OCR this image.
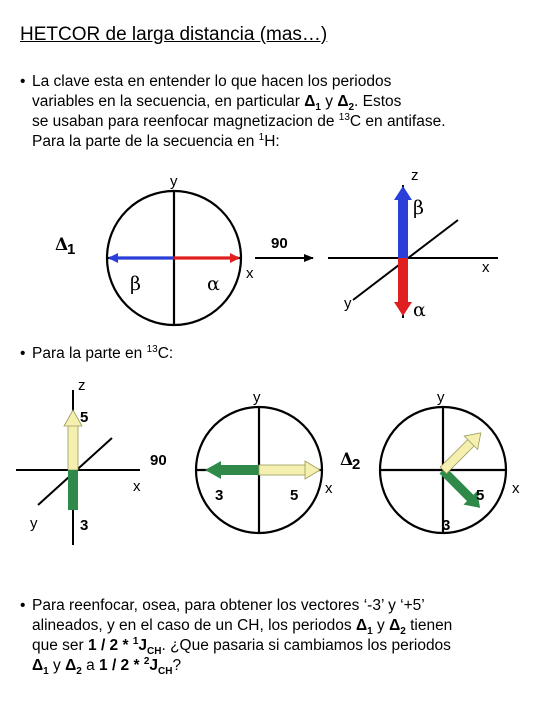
HETCOR de larga distancia (mas…)
• La clave esta en entender lo que hacen los periodos
variables en la secuencia, en particular $\Delta_1$ y $\Delta_2$. Estos
se usaban para reenfocar magnetizacion de $^{13}$C en antifase.
Para la parte de la secuencia en $^1$H:
• Para la parte en $^{13}$C:
• Para reenfocar, osea, para obtener los vectores ‘-3’ y ‘+5’
alineados, y en el caso de un CH, los periodos $\Delta_1$ y $\Delta_2$ tienen
que ser $1 / 2 * ^1J_{CH}$. ¿Que pasaria si cambiamos los periodos
$\Delta_1$ y $\Delta_2$ a $1 / 2 * ^2J_{CH}$?
y
Δ
1
β	α
90
z
β
x	x
y	α
z
5
x
y	3
90
y
3	5
Δ
2
x
y
5
3
x
